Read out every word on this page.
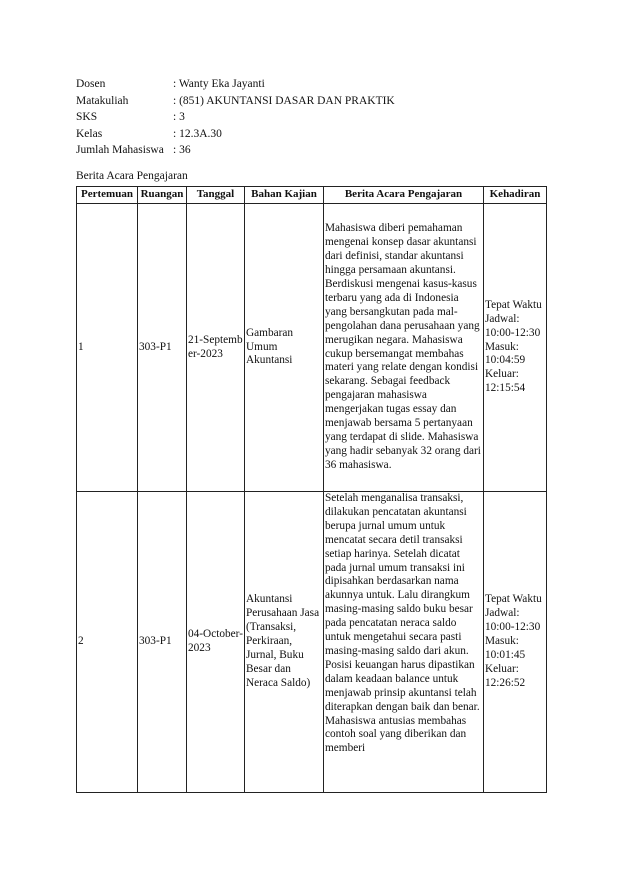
Dosen	: Wanty Eka Jayanti
Matakuliah	: (851) AKUNTANSI DASAR DAN PRAKTIK
SKS	: 3
Kelas	: 12.3A.30
Jumlah Mahasiswa : 36
Berita Acara Pengajaran
Pertemuan	Ruangan	Tanggal	Bahan Kajian	Berita Acara Pengajaran	Kehadiran
1	303-P1	21-September-2023	Gambaran Umum Akuntansi	Mahasiswa diberi pemahaman mengenai konsep dasar akuntansi dari definisi, standar akuntansi hingga persamaan akuntansi. Berdiskusi mengenai kasus-kasus terbaru yang ada di Indonesia yang bersangkutan pada mal-pengolahan dana perusahaan yang merugikan negara. Mahasiswa cukup bersemangat membahas materi yang relate dengan kondisi sekarang. Sebagai feedback pengajaran mahasiswa mengerjakan tugas essay dan menjawab bersama 5 pertanyaan yang terdapat di slide. Mahasiswa yang hadir sebanyak 32 orang dari 36 mahasiswa.	Tepat Waktu Jadwal: 10:00-12:30 Masuk: 10:04:59 Keluar: 12:15:54
2	303-P1	04-October-2023	Akuntansi Perusahaan Jasa (Transaksi, Perkiraan, Jurnal, Buku Besar dan Neraca Saldo)	Setelah menganalisa transaksi, dilakukan pencatatan akuntansi berupa jurnal umum untuk mencatat secara detil transaksi setiap harinya. Setelah dicatat pada jurnal umum transaksi ini dipisahkan berdasarkan nama akunnya untuk. Lalu dirangkum masing-masing saldo buku besar pada pencatatan neraca saldo untuk mengetahui secara pasti masing-masing saldo dari akun. Posisi keuangan harus dipastikan dalam keadaan balance untuk menjawab prinsip akuntansi telah diterapkan dengan baik dan benar. Mahasiswa antusias membahas contoh soal yang diberikan dan memberi	Tepat Waktu Jadwal: 10:00-12:30 Masuk: 10:01:45 Keluar: 12:26:52
